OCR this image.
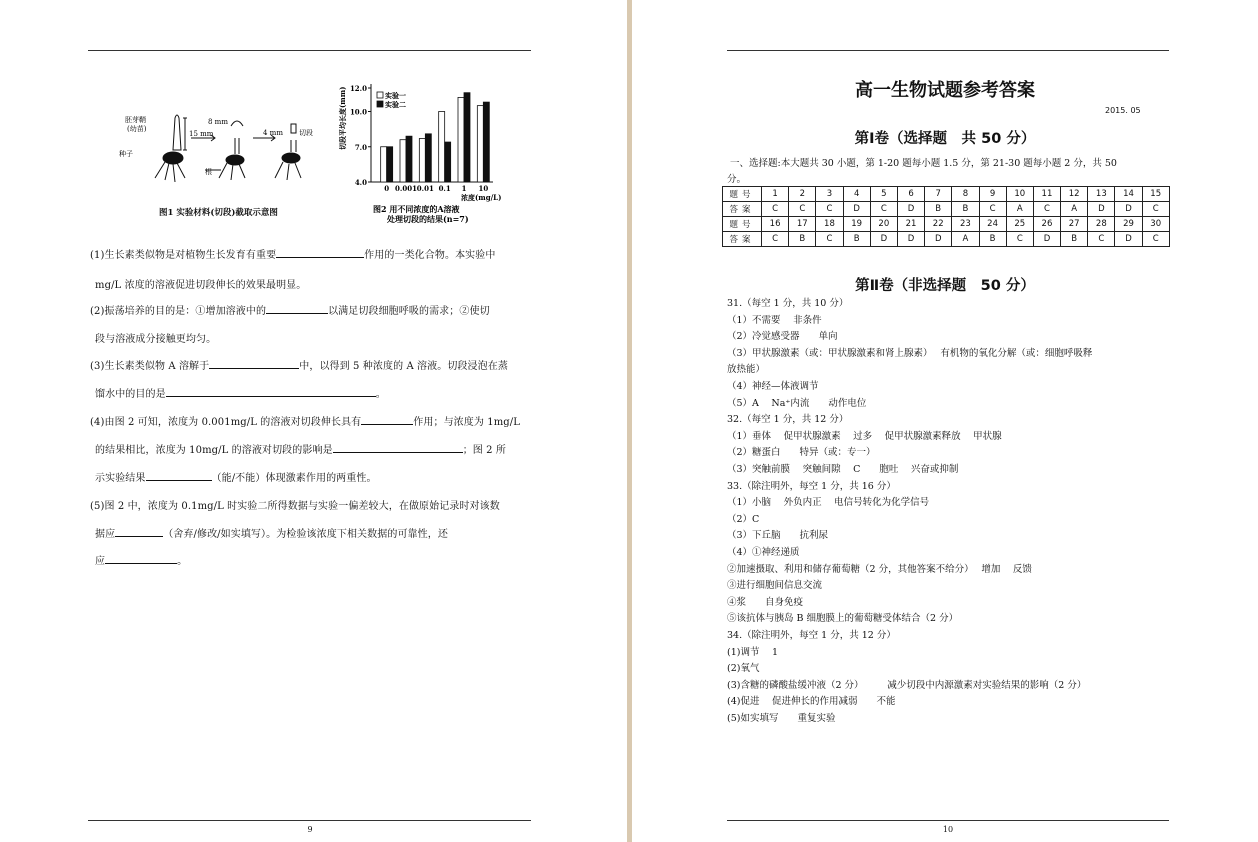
胚芽鞘
(幼苗)
种子
15 mm
根
8 mm
4 mm 切段
图1 实验材料(切段)截取示意图
4.0
7.0
10.0
12.0
0 0.001 0.01 0.1 1 10
浓度(mg/L)
切段平均长度(mm)	实验一
实验二
图2 用不同浓度的A溶液
处理切段的结果(n=7)
(1)生长素类似物是对植物生长发育有重要	作用的一类化合物。本实验中
mg/L 浓度的溶液促进切段伸长的效果最明显。
(2)振荡培养的目的是：①增加溶液中的	以满足切段细胞呼吸的需求；②使切
段与溶液成分接触更均匀。
(3)生长素类似物 A 溶解于	中，以得到 5 种浓度的 A 溶液。切段浸泡在蒸
馏水中的目的是	。
(4)由图 2 可知，浓度为 0.001mg/L 的溶液对切段伸长具有	作用；与浓度为 1mg/L
的结果相比，浓度为 10mg/L 的溶液对切段的影响是	；图 2 所
示实验结果	（能/不能）体现激素作用的两重性。
(5)图 2 中，浓度为 0.1mg/L 时实验二所得数据与实验一偏差较大，在做原始记录时对该数
据应	（舍弃/修改/如实填写）。为检验该浓度下相关数据的可靠性，还
应	。
9
高一生物试题参考答案
2015. 05
第Ⅰ卷（选择题　共 50 分）
一、选择题:本大题共 30 小题，第 1-20 题每小题 1.5 分，第 21-30 题每小题 2 分，共 50
分。
题号	1	2	3	4	5	6	7	8	9	10	11	12	13	14	15
答案	C	C	C	D	C	D	B	B	C	A	C	A	D	D	C
题号	16	17	18	19	20	21	22	23	24	25	26	27	28	29	30
答案	C	B	C	B	D	D	D	A	B	C	D	B	C	D	C
第Ⅱ卷（非选择题　50 分）
31.（每空 1 分，共 10 分）
（1）不需要　 非条件
（2）冷觉感受器　　单向
（3）甲状腺激素（或：甲状腺激素和肾上腺素）　 有机物的氧化分解（或：细胞呼吸释
放热能）
（4）神经—体液调节
（5）A　 Na⁺内流　　动作电位
32.（每空 1 分，共 12 分）
（1）垂体　 促甲状腺激素　 过多　 促甲状腺激素释放　 甲状腺
（2）糖蛋白　　特异（或：专一）
（3）突触前膜　 突触间隙　 C　　胞吐　 兴奋或抑制
33.（除注明外，每空 1 分，共 16 分）
（1）小脑　 外负内正　 电信号转化为化学信号
（2）C
（3）下丘脑　　抗利尿
（4）①神经递质
②加速摄取、利用和储存葡萄糖（2 分，其他答案不给分）　 增加　 反馈
③进行细胞间信息交流
④浆　　自身免疫
⑤该抗体与胰岛 B 细胞膜上的葡萄糖受体结合（2 分）
34.（除注明外，每空 1 分，共 12 分）
(1)调节　 1
(2)氧气
(3)含糖的磷酸盐缓冲液（2 分）　　　减少切段中内源激素对实验结果的影响（2 分）
(4)促进　 促进伸长的作用减弱　　不能
(5)如实填写　　重复实验
10
